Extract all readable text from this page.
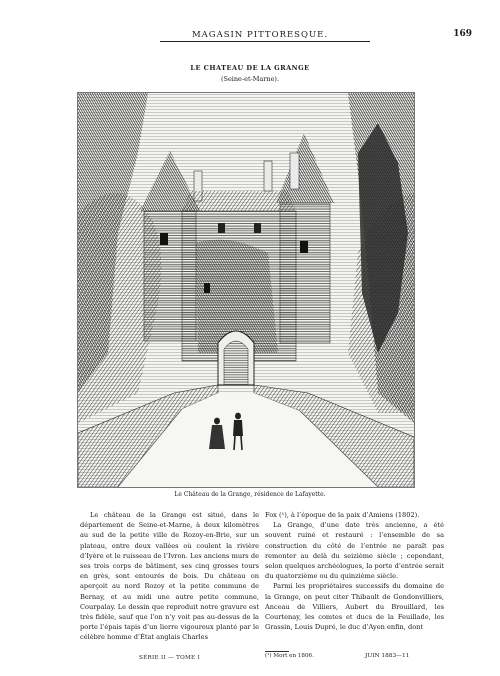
MAGASIN PITTORESQUE.	169
LE CHATEAU DE LA GRANGE
(Seine-et-Marne).
Le Château de la Grange, résidence de Lafayette.

Le château de la Grange est situé, dans le département de Seine-et-Marne, à deux kilomètres au sud de la petite ville de Rozoy-en-Brie, sur un plateau, entre deux vallées où coulent la rivière d’Iyère et le ruisseau de l’Ivron. Les anciens murs de ses trois corps de bâtiment, ses cinq grosses tours en grès, sont entourés de bois. Du château on aperçoit au nord Rozoy et la petite commune de Bernay, et au midi une autre petite commune, Courpalay. Le dessin que reproduit notre gravure est très fidèle, sauf que l’on n’y voit pas au-dessus de la porte l’épais tapis d’un lierre vigoureux planté par le célèbre homme d’État anglais Charles

Fox (¹), à l’époque de la paix d’Amiens (1802).

La Grange, d’une date très ancienne, a été souvent ruiné et restauré : l’ensemble de sa construction du côté de l’entrée ne paraît pas remonter au delà du seizième siècle ; cependant, selon quelques archéologues, la porte d’entrée serait du quatorzième ou du quinzième siècle.

Parmi les propriétaires successifs du domaine de la Grange, on peut citer Thibault de Gondonvilliers, Anceau de Villiers, Aubert du Brouillard, les Courtenay, les comtes et ducs de la Feuillade, les Grassin, Louis Dupré, le duc d’Ayen enfin, dont

(¹) Mort en 1806.
SÉRIE II — TOME I	JUIN 1883—11
